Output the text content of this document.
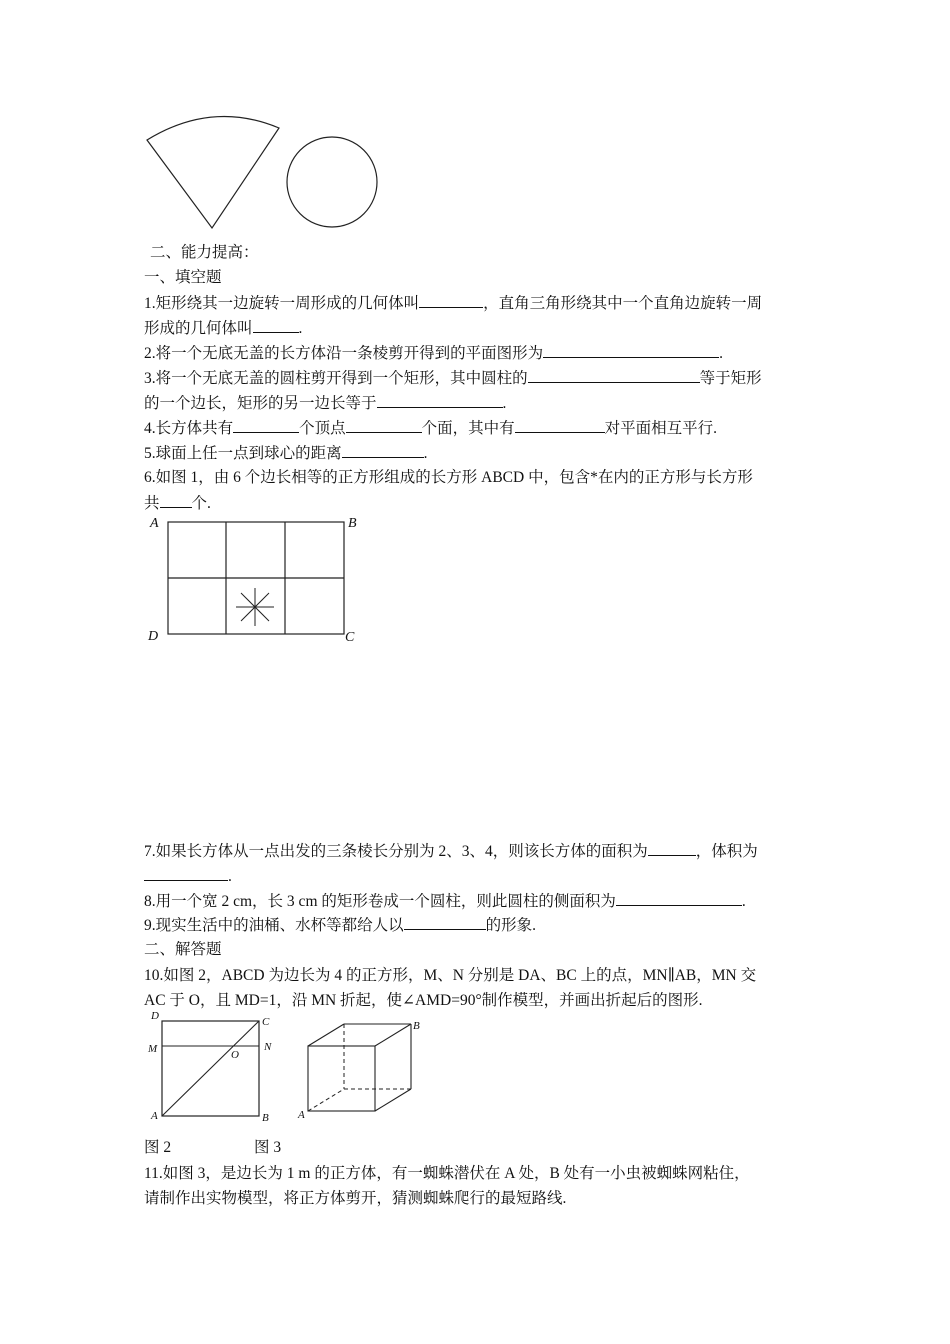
二、能力提高：
一、填空题
1.矩形绕其一边旋转一周形成的几何体叫	，直角三角形绕其中一个直角边旋转一周
形成的几何体叫	.
2.将一个无底无盖的长方体沿一条棱剪开得到的平面图形为	.
3.将一个无底无盖的圆柱剪开得到一个矩形，其中圆柱的	等于矩形
的一个边长，矩形的另一边长等于	.
4.长方体共有	个顶点	个面，其中有	对平面相互平行.
5.球面上任一点到球心的距离	.
6.如图 1，由 6 个边长相等的正方形组成的长方形 ABCD 中，包含*在内的正方形与长方形
共 个.
A	B
D	C
7.如果长方体从一点出发的三条棱长分别为 2、3、4，则该长方体的面积为	，体积为
.
8.用一个宽 2 cm，长 3 cm 的矩形卷成一个圆柱，则此圆柱的侧面积为	.
9.现实生活中的油桶、水杯等都给人以	的形象.
二、解答题
10.如图 2，ABCD 为边长为 4 的正方形，M、N 分别是 DA、BC 上的点，MN∥AB，MN 交
AC 于 O，且 MD=1，沿 MN 折起，使∠AMD=90°制作模型，并画出折起后的图形.
D	C
M	N
O
A	B
B
A
图 2	图 3
11.如图 3，是边长为 1 m 的正方体，有一蜘蛛潜伏在 A 处，B 处有一小虫被蜘蛛网粘住，
请制作出实物模型，将正方体剪开，猜测蜘蛛爬行的最短路线.
